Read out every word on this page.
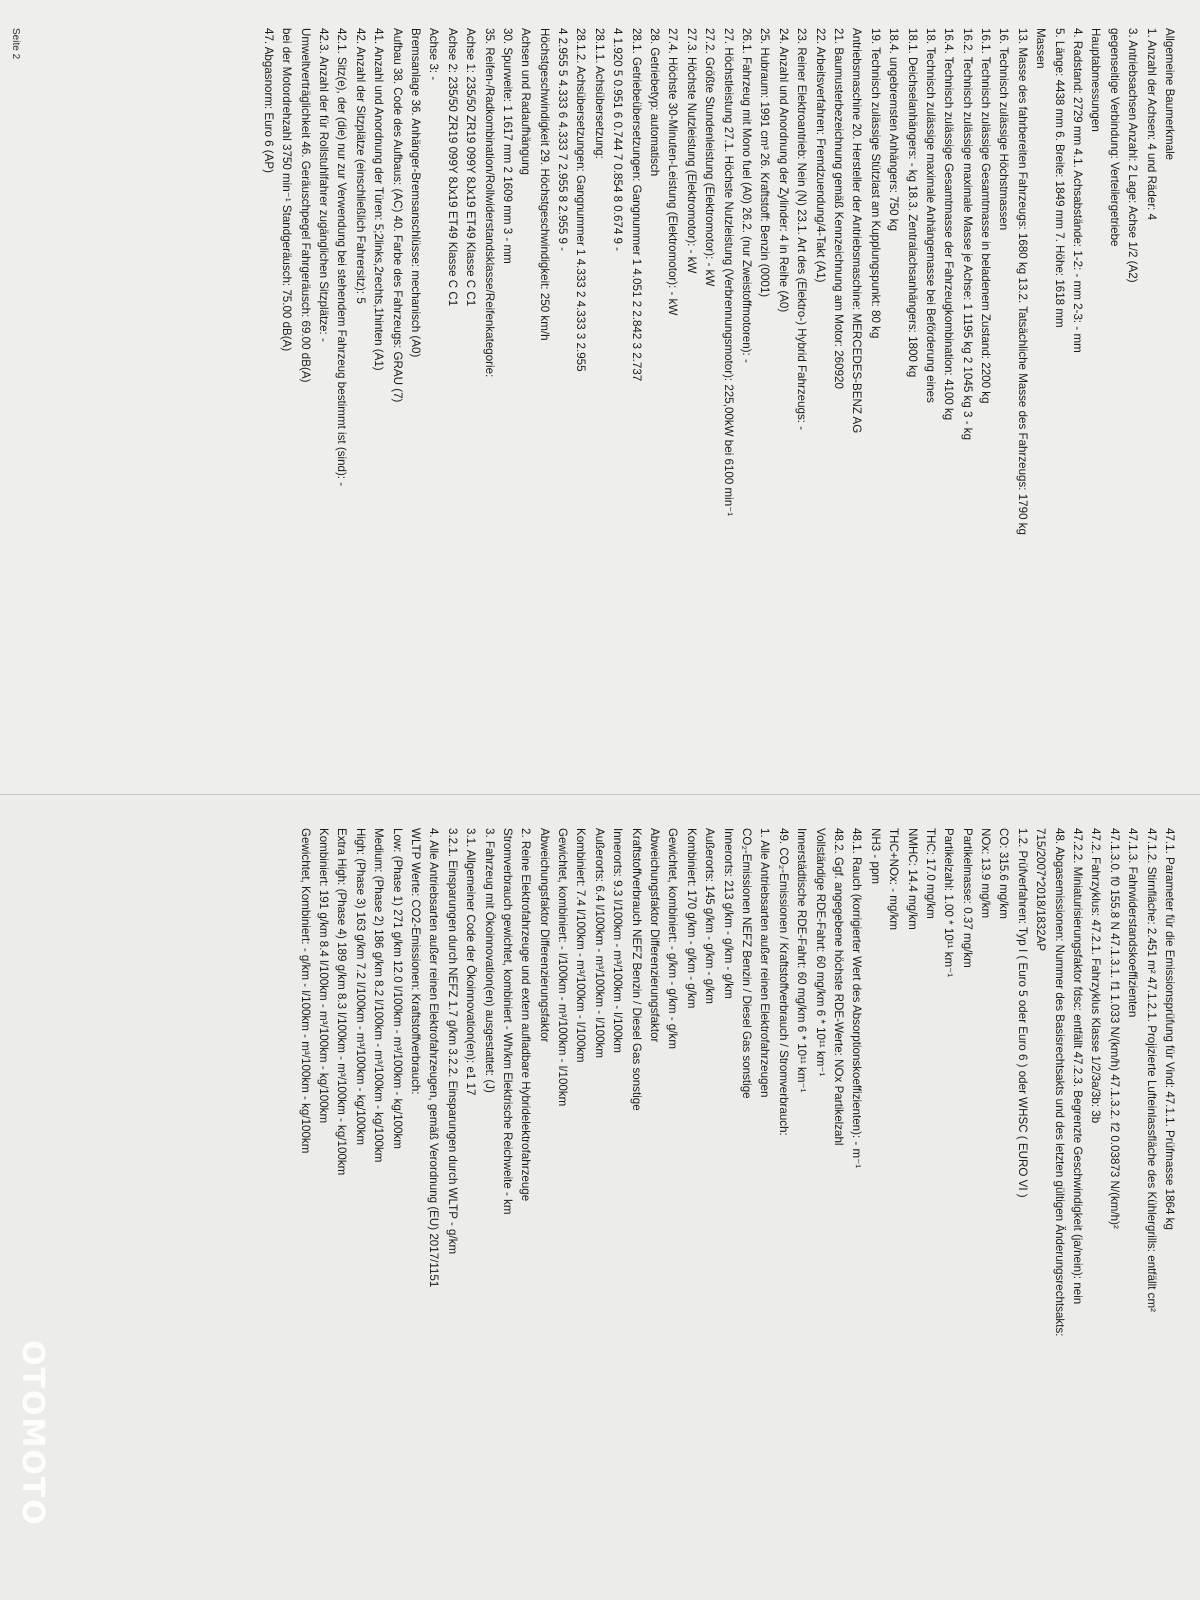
Allgemeine Baumerkmale
1. Anzahl der Achsen: 4 und Räder: 4
3. Antriebsachsen Anzahl: 2 Lage: Achse 1/2 (A2)
gegenseitige Verbindung: Verteilergetriebe
Hauptabmessungen
4. Radstand: 2729 mm 4.1. Achsabstände: 1-2: - mm 2-3: - mm
5. Länge: 4438 mm 6. Breite: 1849 mm 7. Höhe: 1618 mm
Massen
13. Masse des fahrbereiten Fahrzeugs: 1680 kg 13.2. Tatsächliche Masse des Fahrzeugs: 1790 kg
16. Technisch zulässige Höchstmassen
16.1. Technisch zulässige Gesamtmasse in beladenem Zustand: 2200 kg
16.2. Technisch zulässige maximale Masse je Achse: 1 1195 kg 2 1045 kg 3 - kg
16.4. Technisch zulässige Gesamtmasse der Fahrzeugkombination: 4100 kg
18. Technisch zulässige maximale Anhängemasse bei Beförderung eines
18.1. Deichselanhängers: - kg 18.3. Zentralachsanhängers: 1800 kg
18.4. ungebremsten Anhängers: 750 kg
19. Technisch zulässige Stützlast am Kupplungspunkt: 80 kg
Antriebsmaschine 20. Hersteller der Antriebsmaschine: MERCEDES-BENZ AG
21. Baumusterbezeichnung gemäß Kennzeichnung am Motor: 260920
22. Arbeitsverfahren: Fremdzuendung/4-Takt (A1)
23. Reiner Elektroantrieb: Nein (N) 23.1. Art des (Elektro-) Hybrid Fahrzeugs: -
24. Anzahl und Anordnung der Zylinder: 4 in Reihe (A0)
25. Hubraum: 1991 cm³ 26. Kraftstoff: Benzin (0001)
26.1. Fahrzeug mit Mono fuel (A0) 26.2. (nur Zweistoffmotoren): -
27. Höchstleistung 27.1. Höchste Nutzleistung (Verbrennungsmotor): 225,00kW bei 6100 min⁻¹
27.2. Größte Stundenleistung (Elektromotor): - kW
27.3. Höchste Nutzleistung (Elektromotor): - kW
27.4. Höchste 30-Minuten-Leistung (Elektromotor): - kW
28. Getriebetyp: automatisch
28.1. Getriebeübersetzungen: Gangnummer 1 4.051 2 2.842 3 2.737
4 1.920 5 0.951 6 0.744 7 0.854 8 0.674 9 -
28.1.1. Achsübersetzung:
28.1.2. Achsübersetzungen: Gangnummer 1 4.333 2 4.333 3 2.955
4 2.955 5 4.333 6 4.333 7 2.955 8 2.955 9 -
Höchstgeschwindigkeit 29. Höchstgeschwindigkeit: 250 km/h
Achsen und Radaufhängung
30. Spurweite: 1 1617 mm 2 1609 mm 3 - mm
35. Reifen-/Radkombination/Rollwiderstandsklasse/Reifenkategorie:
Achse 1: 235/50 ZR19 099Y 8Jx19 ET49 Klasse C C1
Achse 2: 235/50 ZR19 099Y 8Jx19 ET49 Klasse C C1
Achse 3: -
Bremsanlage 36. Anhänger-Bremsanschlüsse: mechanisch (A0)
Aufbau 38. Code des Aufbaus: (AC) 40. Farbe des Fahrzeugs: GRAU (7)
41. Anzahl und Anordnung der Türen: 5;2links,2rechts,1hinten (A1)
42. Anzahl der Sitzplätze (einschließlich Fahrersitz): 5
42.1. Sitz(e), der (die) nur zur Verwendung bei stehendem Fahrzeug bestimmt ist (sind): -
42.3. Anzahl der für Rollstuhlfahrer zugänglichen Sitzplätze: -
Umweltverträglichkeit 46. Geräuschpegel Fahrgeräusch: 69.00 dB(A)
bei der Motordrehzahl 3750 min⁻¹ Standgeräusch: 75.00 dB(A)
47. Abgasnorm: Euro 6 (AP)
47.1. Parameter für die Emissionsprüfung für Vind: 47.1.1. Prüfmasse 1864 kg
47.1.2. Stirnfläche: 2.451 m² 47.1.2.1. Projizierte Lufteinlassfläche des Kühlergrills: entfällt cm²
47.1.3. Fahrwiderstandskoeffizienten
47.1.3.0. f0 155.8 N 47.1.3.1. f1 1.033 N/(km/h) 47.1.3.2. f2 0.03873 N/(km/h)²
47.2. Fahrzyklus: 47.2.1. Fahrzyklus Klasse 1/2/3a/3b: 3b
47.2.2. Miniaturisierungsfaktor fdsc: entfällt 47.2.3. Begrenzte Geschwindigkeit (ja/nein): nein
48. Abgasemissionen: Nummer des Basisrechtsakts und des letzten gültigen Änderungsrechtsakts:
715/2007*2018/1832AP
1.2. Prüfverfahren: Typ I ( Euro 5 oder Euro 6 ) oder WHSC ( EURO VI )
CO: 315.6 mg/km
NOx: 13.9 mg/km
Partikelmasse: 0.37 mg/km
Partikelzahl: 1.00 * 10¹¹ km⁻¹
THC: 17.0 mg/km
NMHC: 14.4 mg/km
THC+NOx: - mg/km
NH3 - ppm
48.1. Rauch (korrigierter Wert des Absorptionskoeffizienten): - m⁻¹
48.2. Ggf. angegebene höchste RDE-Werte: NOx Partikelzahl
Vollständige RDE-Fahrt: 60 mg/km 6 * 10¹¹ km⁻¹
Innerstädtische RDE-Fahrt: 60 mg/km 6 * 10¹¹ km⁻¹
49. CO₂-Emissionen / Kraftstoffverbrauch / Stromverbrauch:
1. Alle Antriebsarten außer reinen Elektrofahrzeugen
CO₂-Emissionen NEFZ Benzin / Diesel Gas sonstige
Innerorts: 213 g/km - g/km - g/km
Außerorts: 145 g/km - g/km - g/km
Kombiniert: 170 g/km - g/km - g/km
Gewichtet, kombiniert: - g/km - g/km - g/km
Abweichungsfaktor Differenzierungsfaktor
Kraftstoffverbrauch NEFZ Benzin / Diesel Gas sonstige
Innerorts: 9.3 l/100km - m³/100km - l/100km
Außerorts: 6.4 l/100km - m³/100km - l/100km
Kombiniert: 7.4 l/100km - m³/100km - l/100km
Gewichtet, kombiniert: - l/100km - m³/100km - l/100km
Abweichungsfaktor Differenzierungsfaktor
2. Reine Elektrofahrzeuge und extern aufladbare Hybridelektrofahrzeuge
Stromverbrauch gewichtet, kombiniert - Wh/km Elektrische Reichweite - km
3. Fahrzeug mit Ökoinnovation(en) ausgestattet: (J)
3.1. Allgemeiner Code der Ökoinnovation(en): e1 17
3.2.1. Einsparungen durch NEFZ 1.7 g/km 3.2.2. Einsparungen durch WLTP - g/km
4. Alle Antriebsarten außer reinen Elektrofahrzeugen, gemäß Verordnung (EU) 2017/1151
WLTP Werte: CO2-Emissionen: Kraftstoffverbrauch:
Low: (Phase 1) 271 g/km 12.0 l/100km - m³/100km - kg/100km
Medium: (Phase 2) 186 g/km 8.2 l/100km - m³/100km - kg/100km
High: (Phase 3) 163 g/km 7.2 l/100km - m³/100km - kg/100km
Extra High: (Phase 4) 189 g/km 8.3 l/100km - m³/100km - kg/100km
Kombiniert: 191 g/km 8.4 l/100km - m³/100km - kg/100km
Gewichtet, Kombiniert: - g/km - l/100km - m³/100km - kg/100km
Seite 2
OTOMOTO
